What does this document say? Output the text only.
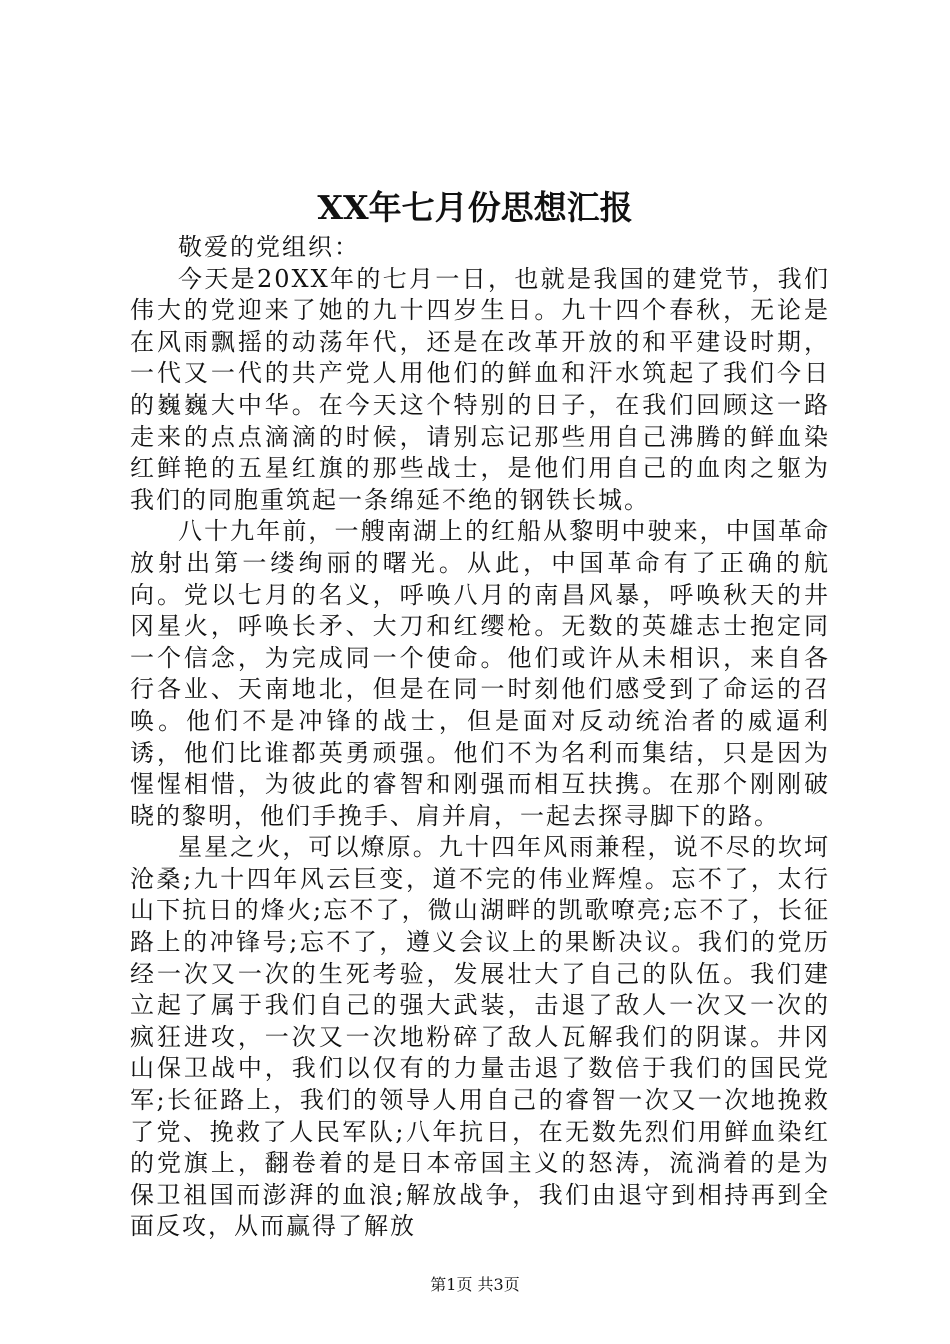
XX年七月份思想汇报

敬爱的党组织：

今天是20XX年的七月一日，也就是我国的建党节，我们伟大的党迎来了她的九十四岁生日。九十四个春秋，无论是在风雨飘摇的动荡年代，还是在改革开放的和平建设时期，一代又一代的共产党人用他们的鲜血和汗水筑起了我们今日的巍巍大中华。在今天这个特别的日子，在我们回顾这一路走来的点点滴滴的时候，请别忘记那些用自己沸腾的鲜血染红鲜艳的五星红旗的那些战士，是他们用自己的血肉之躯为我们的同胞重筑起一条绵延不绝的钢铁长城。

八十九年前，一艘南湖上的红船从黎明中驶来，中国革命放射出第一缕绚丽的曙光。从此，中国革命有了正确的航向。党以七月的名义，呼唤八月的南昌风暴，呼唤秋天的井冈星火，呼唤长矛、大刀和红缨枪。无数的英雄志士抱定同一个信念，为完成同一个使命。他们或许从未相识，来自各行各业、天南地北，但是在同一时刻他们感受到了命运的召唤。他们不是冲锋的战士，但是面对反动统治者的威逼利诱，他们比谁都英勇顽强。他们不为名利而集结，只是因为惺惺相惜，为彼此的睿智和刚强而相互扶携。在那个刚刚破晓的黎明，他们手挽手、肩并肩，一起去探寻脚下的路。

星星之火，可以燎原。九十四年风雨兼程，说不尽的坎坷沧桑;九十四年风云巨变，道不完的伟业辉煌。忘不了，太行山下抗日的烽火;忘不了，微山湖畔的凯歌嘹亮;忘不了，长征路上的冲锋号;忘不了，遵义会议上的果断决议。我们的党历经一次又一次的生死考验，发展壮大了自己的队伍。我们建立起了属于我们自己的强大武装，击退了敌人一次又一次的疯狂进攻，一次又一次地粉碎了敌人瓦解我们的阴谋。井冈山保卫战中，我们以仅有的力量击退了数倍于我们的国民党军;长征路上，我们的领导人用自己的睿智一次又一次地挽救了党、挽救了人民军队;八年抗日，在无数先烈们用鲜血染红的党旗上，翻卷着的是日本帝国主义的怒涛，流淌着的是为保卫祖国而澎湃的血浪;解放战争，我们由退守到相持再到全面反攻，从而赢得了解放

第1页 共3页
